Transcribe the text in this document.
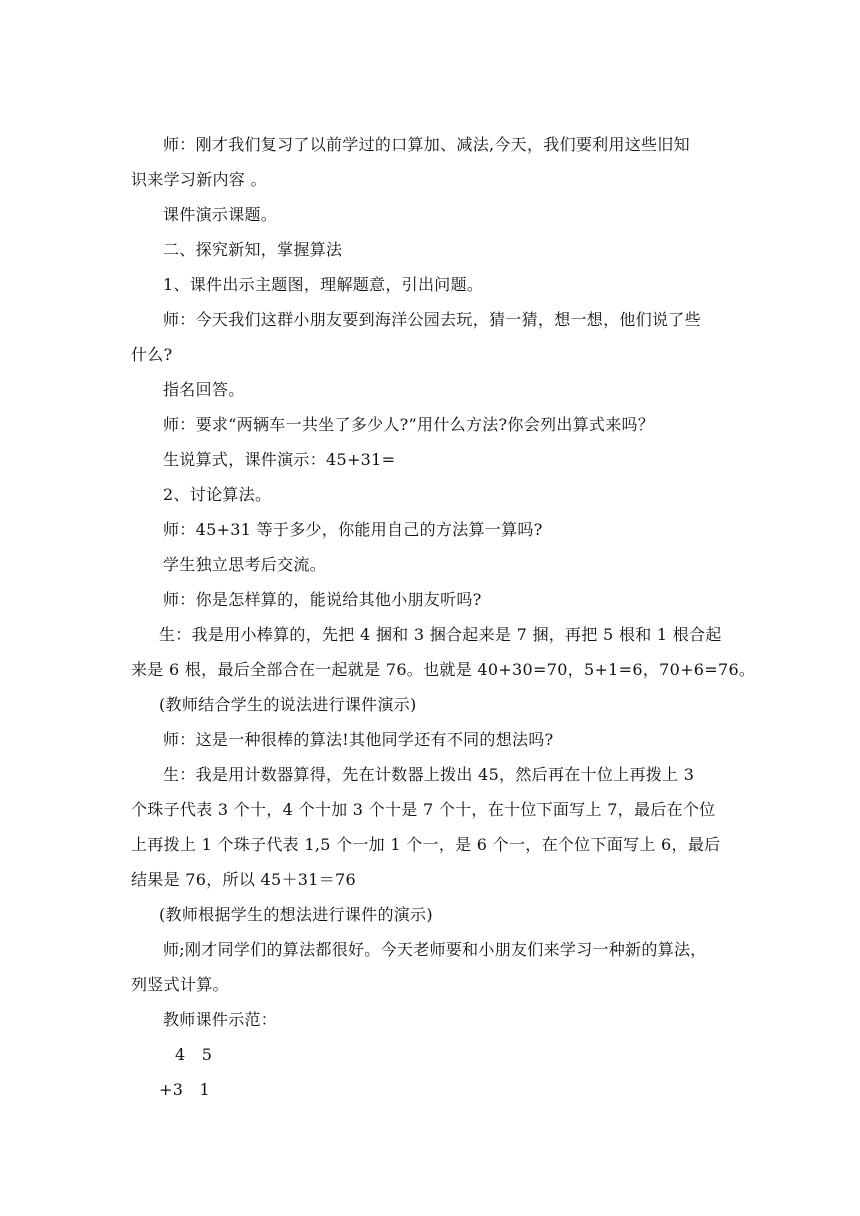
师：刚才我们复习了以前学过的口算加、减法,今天，我们要利用这些旧知
识来学习新内容 。
课件演示课题。
二、探究新知，掌握算法
1、课件出示主题图，理解题意，引出问题。
师：今天我们这群小朋友要到海洋公园去玩，猜一猜，想一想，他们说了些
什么?
指名回答。
师：要求“两辆车一共坐了多少人?”用什么方法?你会列出算式来吗？
生说算式，课件演示：45+31=
2、讨论算法。
师：45+31 等于多少，你能用自己的方法算一算吗?
学生独立思考后交流。
师：你是怎样算的，能说给其他小朋友听吗?
生：我是用小棒算的，先把 4 捆和 3 捆合起来是 7 捆，再把 5 根和 1 根合起
来是 6 根，最后全部合在一起就是 76。也就是 40+30=70，5+1=6，70+6=76。
(教师结合学生的说法进行课件演示)
师：这是一种很棒的算法!其他同学还有不同的想法吗?
生：我是用计数器算得，先在计数器上拨出 45，然后再在十位上再拨上 3
个珠子代表 3 个十，4 个十加 3 个十是 7 个十，在十位下面写上 7，最后在个位
上再拨上 1 个珠子代表 1,5 个一加 1 个一，是 6 个一，在个位下面写上 6，最后
结果是 76，所以 45＋31＝76
(教师根据学生的想法进行课件的演示)
师;刚才同学们的算法都很好。今天老师要和小朋友们来学习一种新的算法，
列竖式计算。
教师课件示范：
4　5
+3　1
